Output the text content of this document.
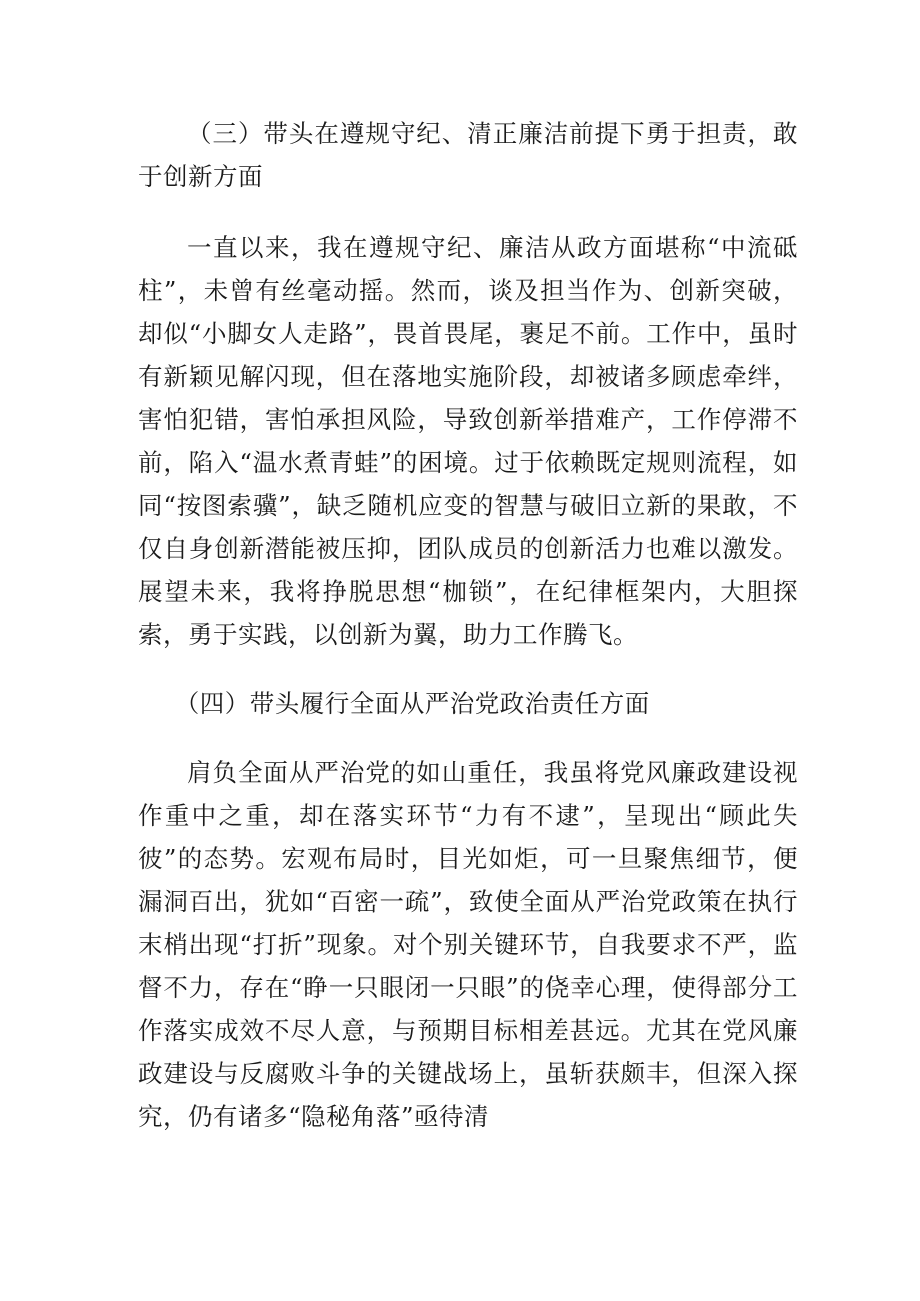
（三）带头在遵规守纪、清正廉洁前提下勇于担责，敢于创新方面

一直以来，我在遵规守纪、廉洁从政方面堪称“中流砥柱”，未曾有丝毫动摇。然而，谈及担当作为、创新突破，却似“小脚女人走路”，畏首畏尾，裹足不前。工作中，虽时有新颖见解闪现，但在落地实施阶段，却被诸多顾虑牵绊，害怕犯错，害怕承担风险，导致创新举措难产，工作停滞不前，陷入“温水煮青蛙”的困境。过于依赖既定规则流程，如同“按图索骥”，缺乏随机应变的智慧与破旧立新的果敢，不仅自身创新潜能被压抑，团队成员的创新活力也难以激发。展望未来，我将挣脱思想“枷锁”，在纪律框架内，大胆探索，勇于实践，以创新为翼，助力工作腾飞。

（四）带头履行全面从严治党政治责任方面

肩负全面从严治党的如山重任，我虽将党风廉政建设视作重中之重，却在落实环节“力有不逮”，呈现出“顾此失彼”的态势。宏观布局时，目光如炬，可一旦聚焦细节，便漏洞百出，犹如“百密一疏”，致使全面从严治党政策在执行末梢出现“打折”现象。对个别关键环节，自我要求不严，监督不力，存在“睁一只眼闭一只眼”的侥幸心理，使得部分工作落实成效不尽人意，与预期目标相差甚远。尤其在党风廉政建设与反腐败斗争的关键战场上，虽斩获颇丰，但深入探究，仍有诸多“隐秘角落”亟待清
